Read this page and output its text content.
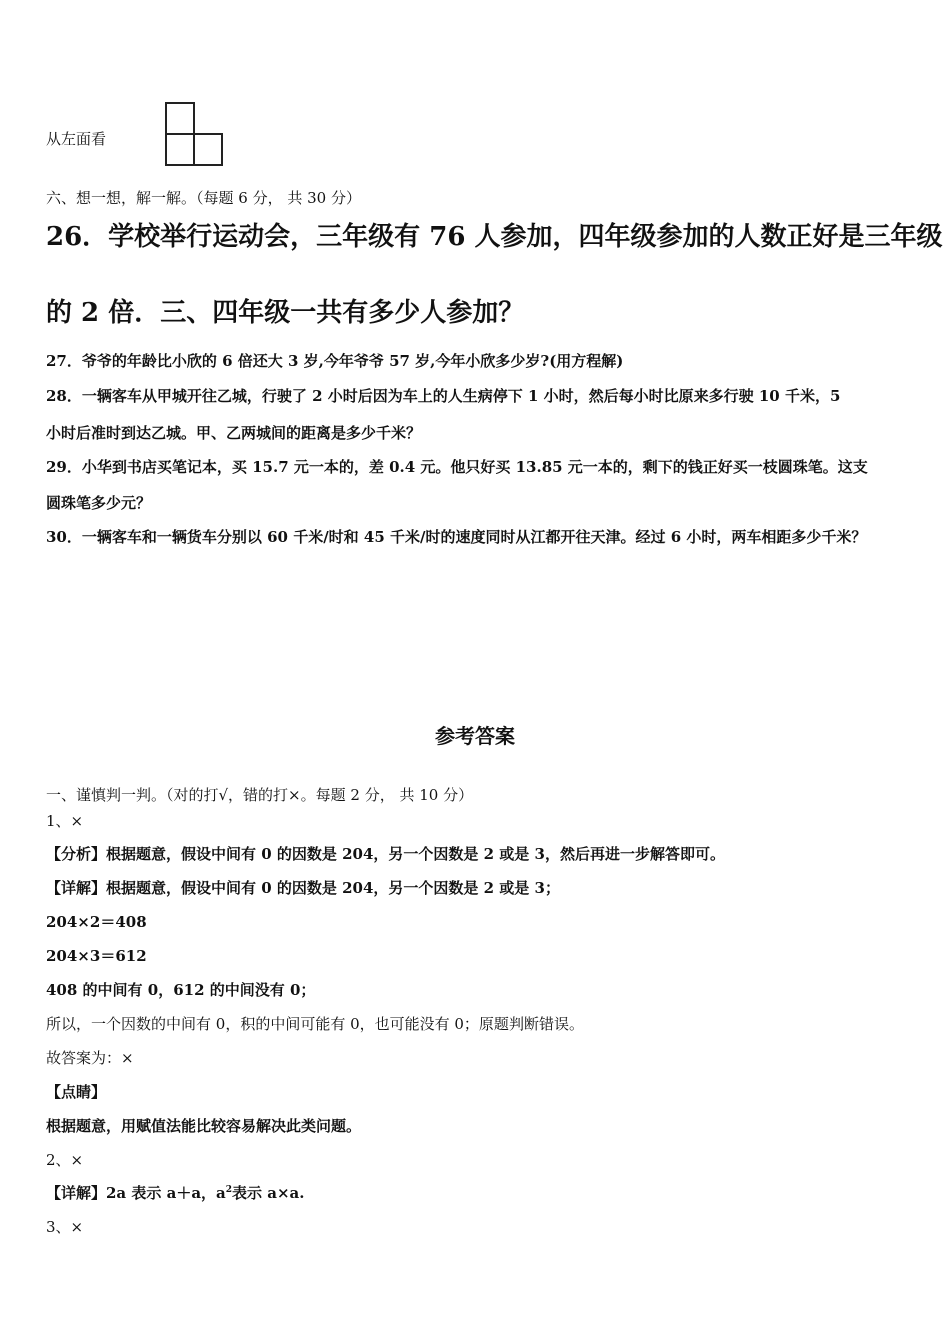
从左面看
六、想一想，解一解。（每题 6 分， 共 30 分）
26．学校举行运动会，三年级有 76 人参加，四年级参加的人数正好是三年级
的 2 倍．三、四年级一共有多少人参加？
27．爷爷的年龄比小欣的 6 倍还大 3 岁,今年爷爷 57 岁,今年小欣多少岁?(用方程解)
28．一辆客车从甲城开往乙城，行驶了 2 小时后因为车上的人生病停下 1 小时，然后每小时比原来多行驶 10 千米，5
小时后准时到达乙城。甲、乙两城间的距离是多少千米？
29．小华到书店买笔记本，买 15.7 元一本的，差 0.4 元。他只好买 13.85 元一本的，剩下的钱正好买一枝圆珠笔。这支
圆珠笔多少元？
30．一辆客车和一辆货车分别以 60 千米/时和 45 千米/时的速度同时从江都开往天津。经过 6 小时，两车相距多少千米？
参考答案
一、谨慎判一判。（对的打√，错的打×。每题 2 分， 共 10 分）
1、×
【分析】根据题意，假设中间有 0 的因数是 204，另一个因数是 2 或是 3，然后再进一步解答即可。
【详解】根据题意，假设中间有 0 的因数是 204，另一个因数是 2 或是 3；
204×2＝408
204×3＝612
408 的中间有 0，612 的中间没有 0；
所以，一个因数的中间有 0，积的中间可能有 0，也可能没有 0；原题判断错误。
故答案为：×
【点睛】
根据题意，用赋值法能比较容易解决此类问题。
2、×
【详解】2a 表示 a＋a，$a^2$表示 a×a.
3、×
